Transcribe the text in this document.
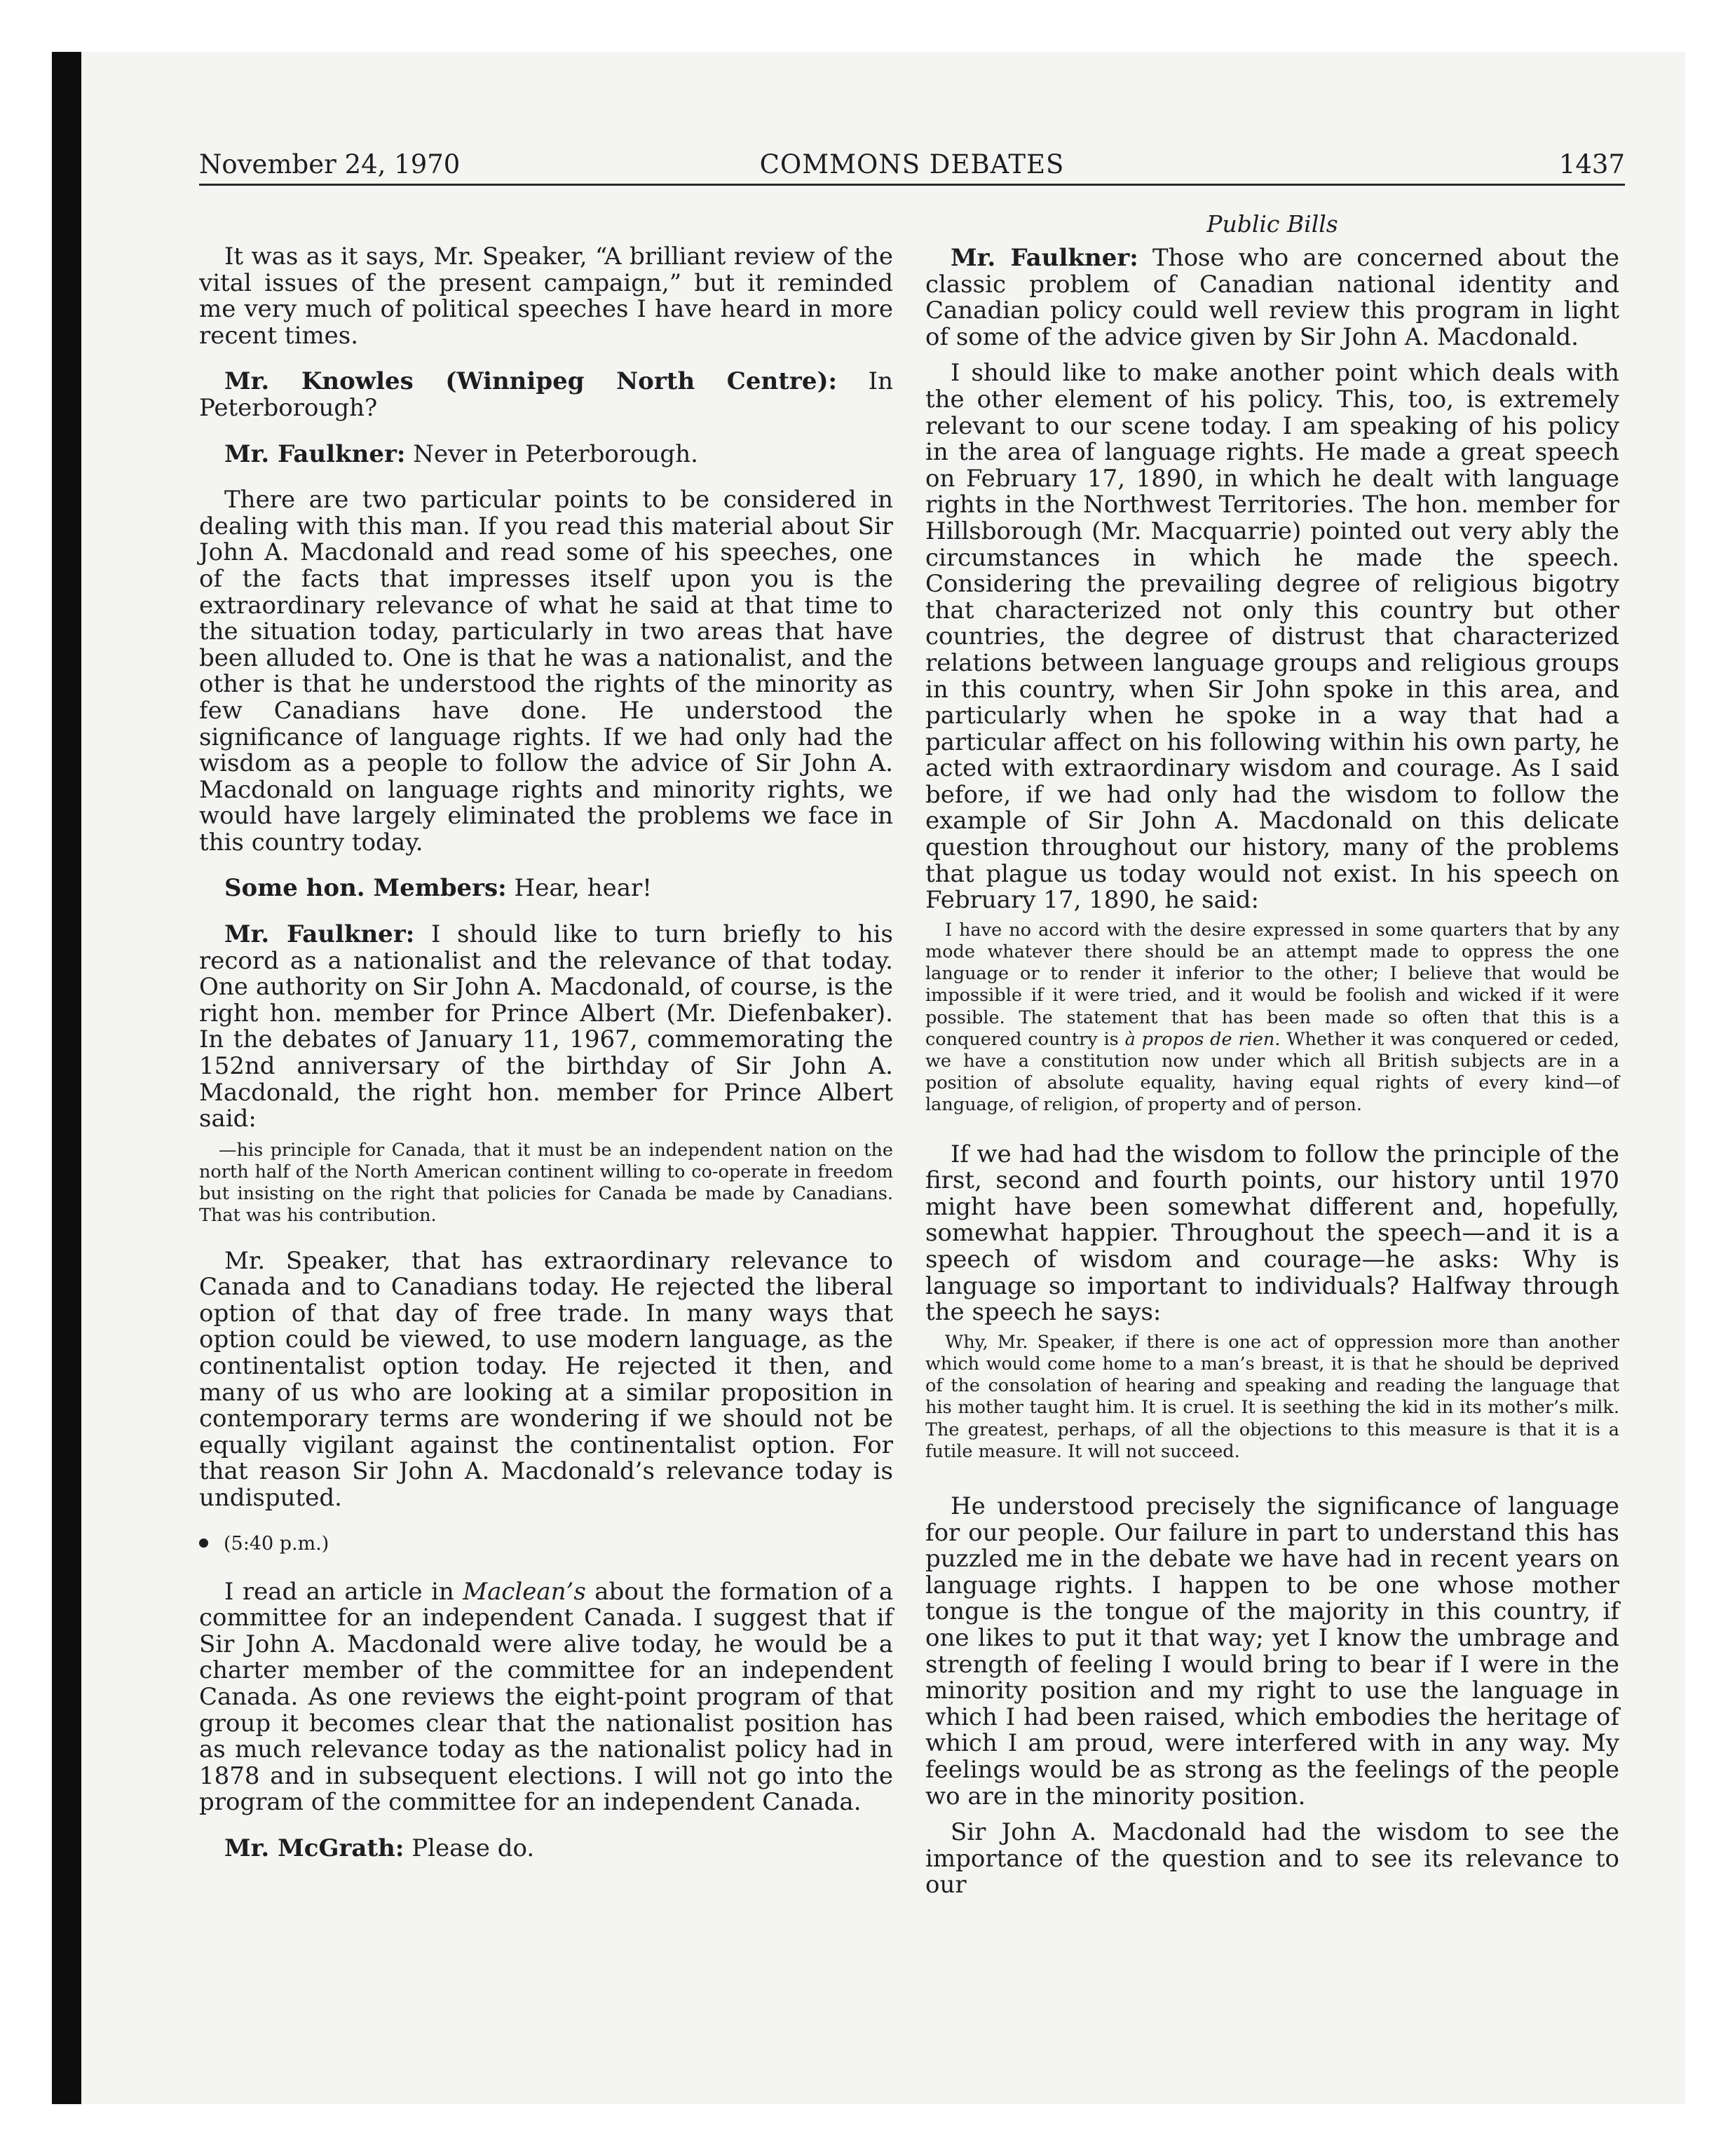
November 24, 1970	COMMONS DEBATES	1437

It was as it says, Mr. Speaker, “A brilliant review of the vital issues of the present campaign,” but it reminded me very much of political speeches I have heard in more recent times.

Mr. Knowles (Winnipeg North Centre): In Peterborough?

Mr. Faulkner: Never in Peterborough.

There are two particular points to be considered in dealing with this man. If you read this material about Sir John A. Macdonald and read some of his speeches, one of the facts that impresses itself upon you is the extraordinary relevance of what he said at that time to the situation today, particularly in two areas that have been alluded to. One is that he was a nationalist, and the other is that he understood the rights of the minority as few Canadians have done. He understood the significance of language rights. If we had only had the wisdom as a people to follow the advice of Sir John A. Macdonald on language rights and minority rights, we would have largely eliminated the problems we face in this country today.

Some hon. Members: Hear, hear!

Mr. Faulkner: I should like to turn briefly to his record as a nationalist and the relevance of that today. One authority on Sir John A. Macdonald, of course, is the right hon. member for Prince Albert (Mr. Diefenbaker). In the debates of January 11, 1967, commemorating the 152nd anniversary of the birthday of Sir John A. Macdonald, the right hon. member for Prince Albert said:

—his principle for Canada, that it must be an independent nation on the north half of the North American continent willing to co-operate in freedom but insisting on the right that policies for Canada be made by Canadians. That was his contribution.

Mr. Speaker, that has extraordinary relevance to Canada and to Canadians today. He rejected the liberal option of that day of free trade. In many ways that option could be viewed, to use modern language, as the continentalist option today. He rejected it then, and many of us who are looking at a similar proposition in contemporary terms are wondering if we should not be equally vigilant against the continentalist option. For that reason Sir John A. Macdonald’s relevance today is undisputed.

(5:40 p.m.)

I read an article in Maclean’s about the formation of a committee for an independent Canada. I suggest that if Sir John A. Macdonald were alive today, he would be a charter member of the committee for an independent Canada. As one reviews the eight-point program of that group it becomes clear that the nationalist position has as much relevance today as the nationalist policy had in 1878 and in subsequent elections. I will not go into the program of the committee for an independent Canada.

Mr. McGrath: Please do.

Public Bills

Mr. Faulkner: Those who are concerned about the classic problem of Canadian national identity and Canadian policy could well review this program in light of some of the advice given by Sir John A. Macdonald.

I should like to make another point which deals with the other element of his policy. This, too, is extremely relevant to our scene today. I am speaking of his policy in the area of language rights. He made a great speech on February 17, 1890, in which he dealt with language rights in the Northwest Territories. The hon. member for Hillsborough (Mr. Macquarrie) pointed out very ably the circumstances in which he made the speech. Considering the prevailing degree of religious bigotry that characterized not only this country but other countries, the degree of distrust that characterized relations between language groups and religious groups in this country, when Sir John spoke in this area, and particularly when he spoke in a way that had a particular affect on his following within his own party, he acted with extraordinary wisdom and courage. As I said before, if we had only had the wisdom to follow the example of Sir John A. Macdonald on this delicate question throughout our history, many of the problems that plague us today would not exist. In his speech on February 17, 1890, he said:

I have no accord with the desire expressed in some quarters that by any mode whatever there should be an attempt made to oppress the one language or to render it inferior to the other; I believe that would be impossible if it were tried, and it would be foolish and wicked if it were possible. The statement that has been made so often that this is a conquered country is à propos de rien. Whether it was conquered or ceded, we have a constitution now under which all British subjects are in a position of absolute equality, having equal rights of every kind—of language, of religion, of property and of person.

If we had had the wisdom to follow the principle of the first, second and fourth points, our history until 1970 might have been somewhat different and, hopefully, somewhat happier. Throughout the speech—and it is a speech of wisdom and courage—he asks: Why is language so important to individuals? Halfway through the speech he says:

Why, Mr. Speaker, if there is one act of oppression more than another which would come home to a man’s breast, it is that he should be deprived of the consolation of hearing and speaking and reading the language that his mother taught him. It is cruel. It is seething the kid in its mother’s milk. The greatest, perhaps, of all the objections to this measure is that it is a futile measure. It will not succeed.

He understood precisely the significance of language for our people. Our failure in part to understand this has puzzled me in the debate we have had in recent years on language rights. I happen to be one whose mother tongue is the tongue of the majority in this country, if one likes to put it that way; yet I know the umbrage and strength of feeling I would bring to bear if I were in the minority position and my right to use the language in which I had been raised, which embodies the heritage of which I am proud, were interfered with in any way. My feelings would be as strong as the feelings of the people wo are in the minority position.

Sir John A. Macdonald had the wisdom to see the importance of the question and to see its relevance to our
